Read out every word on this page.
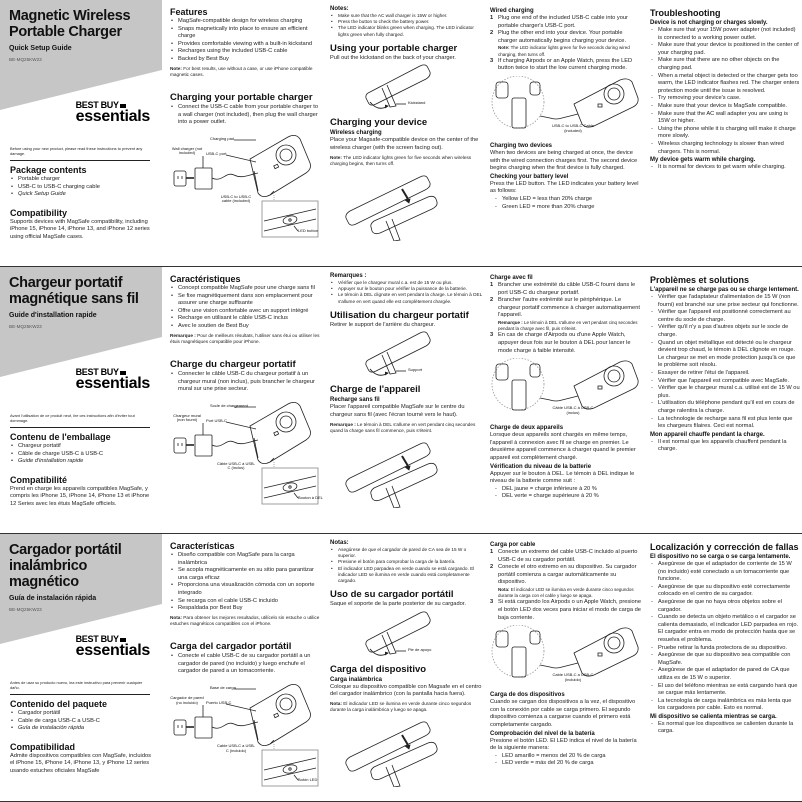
Magnetic Wireless Portable Charger
Quick Setup Guide
BE-MQ25KW23
BEST BUY
essentials
Before using your new product, please read these instructions to prevent any damage.
Package contents
• Portable charger
• USB-C to USB-C charging cable
• Quick Setup Guide
Compatibility

Supports devices with MagSafe compatibility, including iPhone 15, iPhone 14, iPhone 13, and iPhone 12 series using official MagSafe cases.

Features
• MagSafe-compatible design for wireless charging
• Snaps magnetically into place to ensure an efficient charge
• Provides comfortable viewing with a built-in kickstand
• Recharges using the included USB-C cable
• Backed by Best Buy

Note: For best results, use without a case, or use iPhone compatible magnetic cases.

Charging your portable charger
• Connect the USB-C cable from your portable charger to a wall charger (not included), then plug the wall charger into a power outlet.
Charging pad
USB-C port
Wall charger (not included)
USB-C to USB-C cable (included)
LED button
Notes:
• Make sure that the AC wall charger is 15W or higher.
• Press the button to check the battery power.
• The LED indicator blinks green when charging. The LED indicator lights green when fully charged.
Using your portable charger

Pull out the kickstand on the back of your charger.

Kickstand
Charging your device
Wireless charging

Place your Magsafe-compatible device on the center of the wireless charger (with the screen facing out).

Note: The LED indicator lights green for five seconds when wireless charging begins, then turns off.

Wired charging
1 Plug one end of the included USB-C cable into your portable charger's USB-C port.
2 Plug the other end into your device. Your portable charger automatically begins charging your device.

Note: The LED indicator lights green for five seconds during wired charging, then turns off.

3 If charging Airpods or an Apple Watch, press the LED button twice to start the low current charging mode.
USB-C to USB-C Cable (included)
Charging two devices

When two devices are being charged at once, the device with the wired connection charges first. The second device begins charging when the first device is fully charged.

Checking your battery level

Press the LED button. The LED indicates your battery level as follows:

- Yellow LED = less than 20% charge
- Green LED = more than 20% charge
Troubleshooting
Device is not charging or charges slowly.
- Make sure that your 15W power adapter (not included) is connected to a working power outlet.
- Make sure that your device is positioned in the center of your charging pad.
- Make sure that there are no other objects on the charging pad.
- When a metal object is detected or the charger gets too warm, the LED indicator flashes red. The charger enters protection mode until the issue is resolved.
- Try removing your device's case.
- Make sure that your device is MagSafe compatible.
- Make sure that the AC wall adapter you are using is 15W or higher.
- Using the phone while it is charging will make it charge more slowly.
- Wireless charging technology is slower than wired chargers. This is normal.
My device gets warm while charging.
- It is normal for devices to get warm while charging.
Chargeur portatif magnétique sans fil
Guide d'installation rapide
BE-MQ25KW23
BEST BUY
essentials
Avant l'utilisation de ce produit neuf, lire ces instructions afin d'éviter tout dommage.
Contenu de l'emballage
• Chargeur portatif
• Câble de charge USB-C à USB-C
• Guide d'installation rapide
Compatibilité

Prend en charge les appareils compatibles MagSafe, y compris les iPhone 15, iPhone 14, iPhone 13 et iPhone 12 Series avec les étuis MagSafe officiels.

Caractéristiques
• Concept compatible MagSafe pour une charge sans fil
• Se fixe magnétiquement dans son emplacement pour assurer une charge suffisante
• Offre une vision confortable avec un support intégré
• Recharge en utilisant le câble USB-C inclus
• Avec le soutien de Best Buy

Remarque : Pour de meilleurs résultats, l'utiliser sans étui ou utiliser les étuis magnétiques compatible pour iPhone.

Charge du chargeur portatif
• Connecter le câble USB-C du chargeur portatif à un chargeur mural (non inclus), puis brancher le chargeur mural sur une prise secteur.
Socle de chargement
Port USB-C
Chargeur mural (non fourni)
Câble USB-C à USB-C (inclus)
Bouton à DEL
Remarques :
• Vérifier que le chargeur mural c.a. est de 15 W ou plus.
• Appuyer sur le bouton pour vérifier la puissance de la batterie.
• Le témoin à DEL clignote en vert pendant la charge. Le témoin à DEL s'allume en vert quand elle est complètement chargée.
Utilisation du chargeur portatif

Retirer le support de l'arrière du chargeur.

Support
Charge de l'appareil
Recharge sans fil

Placer l'appareil compatible MagSafe sur le centre du chargeur sans fil (avec l'écran tourné vers le haut).

Remarque : Le témoin à DEL s'allume en vert pendant cinq secondes quand la charge sans fil commence, puis s'éteint.

Charge avec fil
1 Brancher une extrémité du câble USB-C fourni dans le port USB-C du chargeur portatif.
2 Brancher l'autre extrémité sur le périphérique. Le chargeur portatif commence à charger automatiquement l'appareil.

Remarque : Le témoin à DEL s'allume en vert pendant cinq secondes pendant la charge avec fil, puis s'éteint.

3 En cas de charge d'Airpods ou d'une Apple Watch, appuyer deux fois sur le bouton à DEL pour lancer le mode charge à faible intensité.
Câble USB-C à USB-C (inclus)
Charge de deux appareils

Lorsque deux appareils sont chargés en même temps, l'appareil à connexion avec fil se charge en premier. Le deuxième appareil commence à charger quand le premier appareil est complètement chargé.

Vérification du niveau de la batterie

Appuyer sur le bouton à DEL. Le témoin à DEL indique le niveau de la batterie comme suit :

- DEL jaune = charge inférieure à 20 %
- DEL verte = charge supérieure à 20 %
Problèmes et solutions
L'appareil ne se charge pas ou se charge lentement.
- Vérifier que l'adaptateur d'alimentation de 15 W (non fourni) est branché sur une prise secteur qui fonctionne.
- Vérifier que l'appareil est positionné correctement au centre du socle de charge.
- Vérifier qu'il n'y a pas d'autres objets sur le socle de charge.
- Quand un objet métallique est détecté ou le chargeur devient trop chaud, le témoin à DEL clignote en rouge. Le chargeur se met en mode protection jusqu'à ce que le problème soit résolu.
- Essayer de retirer l'étui de l'appareil.
- Vérifier que l'appareil est compatible avec MagSafe.
- Vérifier que le chargeur mural c.a. utilisé est de 15 W ou plus.
- L'utilisation du téléphone pendant qu'il est en cours de charge ralentira la charge.
- La technologie de recharge sans fil est plus lente que les chargeurs filaires. Ceci est normal.
Mon appareil chauffe pendant la charge.
- Il est normal que les appareils chauffent pendant la charge.
Cargador portátil inalámbrico magnético
Guía de instalación rápida
BE-MQ25KW23
BEST BUY
essentials
Antes de usar su producto nuevo, lea este instructivo para prevenir cualquier daño.
Contenido del paquete
• Cargador portátil
• Cable de carga USB-C a USB-C
• Guía de instalación rápida
Compatibilidad

Admite dispositivos compatibles con MagSafe, incluidos el iPhone 15, iPhone 14, iPhone 13, y iPhone 12 series usando estuches oficiales MagSafe

Características
• Diseño compatible con MagSafe para la carga inalámbrica
• Se acopla magnéticamente en su sitio para garantizar una carga eficaz
• Proporciona una visualización cómoda con un soporte integrado
• Se recarga con el cable USB-C incluido
• Respaldada por Best Buy

Nota: Para obtener los mejores resultados, utilícelo sin estuche o utilice estuches magnéticos compatibles con el iPhone.

Carga del cargador portátil
• Conecte el cable USB-C de su cargador portátil a un cargador de pared (no incluido) y luego enchufe el cargador de pared a un tomacorriente.
Base de carga
Puerto USB-C
Cargador de pared (no incluido)
Cable USB-C a USB-C (incluido)
Botón LED
Notas:
• Asegúrese de que el cargador de pared de CA sea de 15 W o superior.
• Presione el botón para comprobar la carga de la batería.
• El indicador LED parpadea en verde cuando se está cargando. El indicador LED se ilumina en verde cuando está completamente cargado.
Uso de su cargador portátil

Saque el soporte de la parte posterior de su cargador.

Pie de apoyo
Carga del dispositivo
Carga inalámbrica

Coloque su dispositivo compatible con Magsafe en el centro del cargador inalámbrico (con la pantalla hacia fuera).

Nota: El indicador LED se ilumina en verde durante cinco segundos durante la carga inalámbrica y luego se apaga.

Carga por cable
1 Conecte un extremo del cable USB-C incluido al puerto USB-C de su cargador portátil.
2 Conecte el otro extremo en su dispositivo. Su cargador portátil comienza a cargar automáticamente su dispositivo.

Nota: El indicador LED se ilumina en verde durante cinco segundos durante la carga con el cable y luego se apaga.

3 Si está cargando los Airpods o un Apple Watch, presione el botón LED dos veces para iniciar el modo de carga de baja corriente.
Cable USB-C a USB-C (incluido)
Carga de dos dispositivos

Cuando se cargan dos dispositivos a la vez, el dispositivo con la conexión por cable se carga primero. El segundo dispositivo comienza a cargarse cuando el primero está completamente cargado.

Comprobación del nivel de la batería

Presione el botón LED. El LED indica el nivel de la batería de la siguiente manera:

- LED amarillo = menos del 20 % de carga
- LED verde = más del 20 % de carga
Localización y corrección de fallas
El dispositivo no se carga o se carga lentamente.
- Asegúrese de que el adaptador de corriente de 15 W (no incluido) esté conectado a un tomacorriente que funcione.
- Asegúrese de que su dispositivo esté correctamente colocado en el centro de su cargador.
- Asegúrese de que no haya otros objetos sobre el cargador.
- Cuando se detecta un objeto metálico o el cargador se calienta demasiado, el indicador LED parpadea en rojo. El cargador entra en modo de protección hasta que se resuelva el problema.
- Pruebe retirar la funda protectora de su dispositivo.
- Asegúrese de que su dispositivo sea compatible con MagSafe.
- Asegúrese de que el adaptador de pared de CA que utiliza es de 15 W o superior.
- El uso del teléfono mientras se está cargando hará que se cargue más lentamente.
- La tecnología de carga inalámbrica es más lenta que los cargadores por cable. Esto es normal.
Mi dispositivo se calienta mientras se carga.
- Es normal que los dispositivos se calienten durante la carga.
